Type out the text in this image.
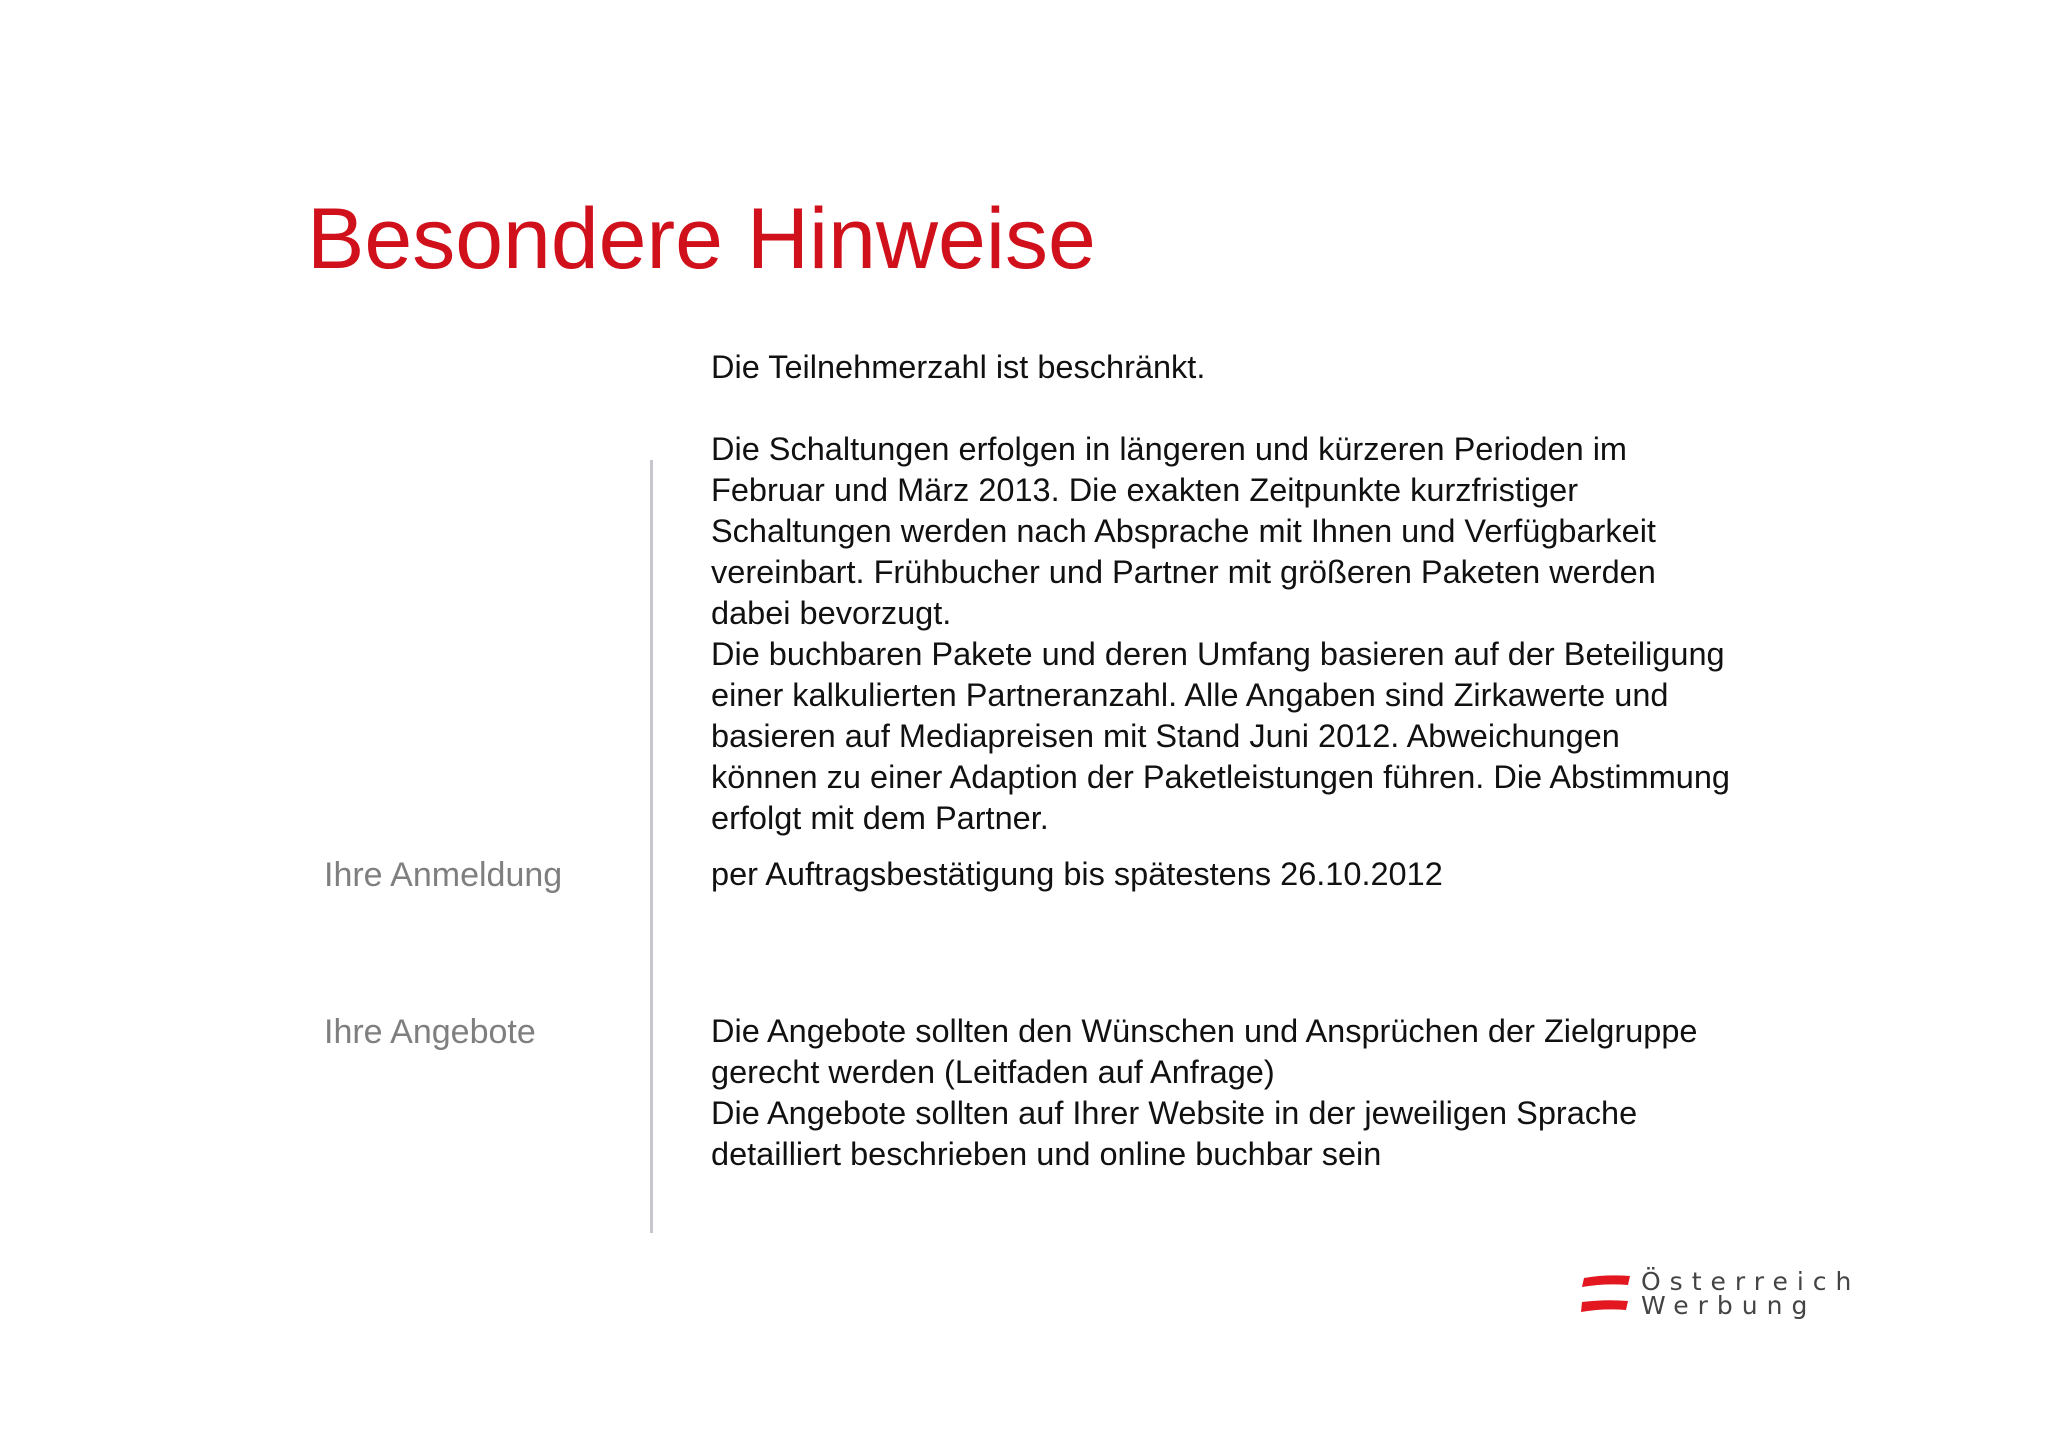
Besondere Hinweise
Ihre Anmeldung
Ihre Angebote

Die Teilnehmerzahl ist beschränkt.

Die Schaltungen erfolgen in längeren und kürzeren Perioden im

Februar und März 2013. Die exakten Zeitpunkte kurzfristiger

Schaltungen werden nach Absprache mit Ihnen und Verfügbarkeit

vereinbart. Frühbucher und Partner mit größeren Paketen werden

dabei bevorzugt.

Die buchbaren Pakete und deren Umfang basieren auf der Beteiligung

einer kalkulierten Partneranzahl. Alle Angaben sind Zirkawerte und

basieren auf Mediapreisen mit Stand Juni 2012. Abweichungen

können zu einer Adaption der Paketleistungen führen. Die Abstimmung

erfolgt mit dem Partner.

per Auftragsbestätigung bis spätestens 26.10.2012

Die Angebote sollten den Wünschen und Ansprüchen der Zielgruppe

gerecht werden (Leitfaden auf Anfrage)

Die Angebote sollten auf Ihrer Website in der jeweiligen Sprache

detailliert beschrieben und online buchbar sein

Österreich
Werbung
